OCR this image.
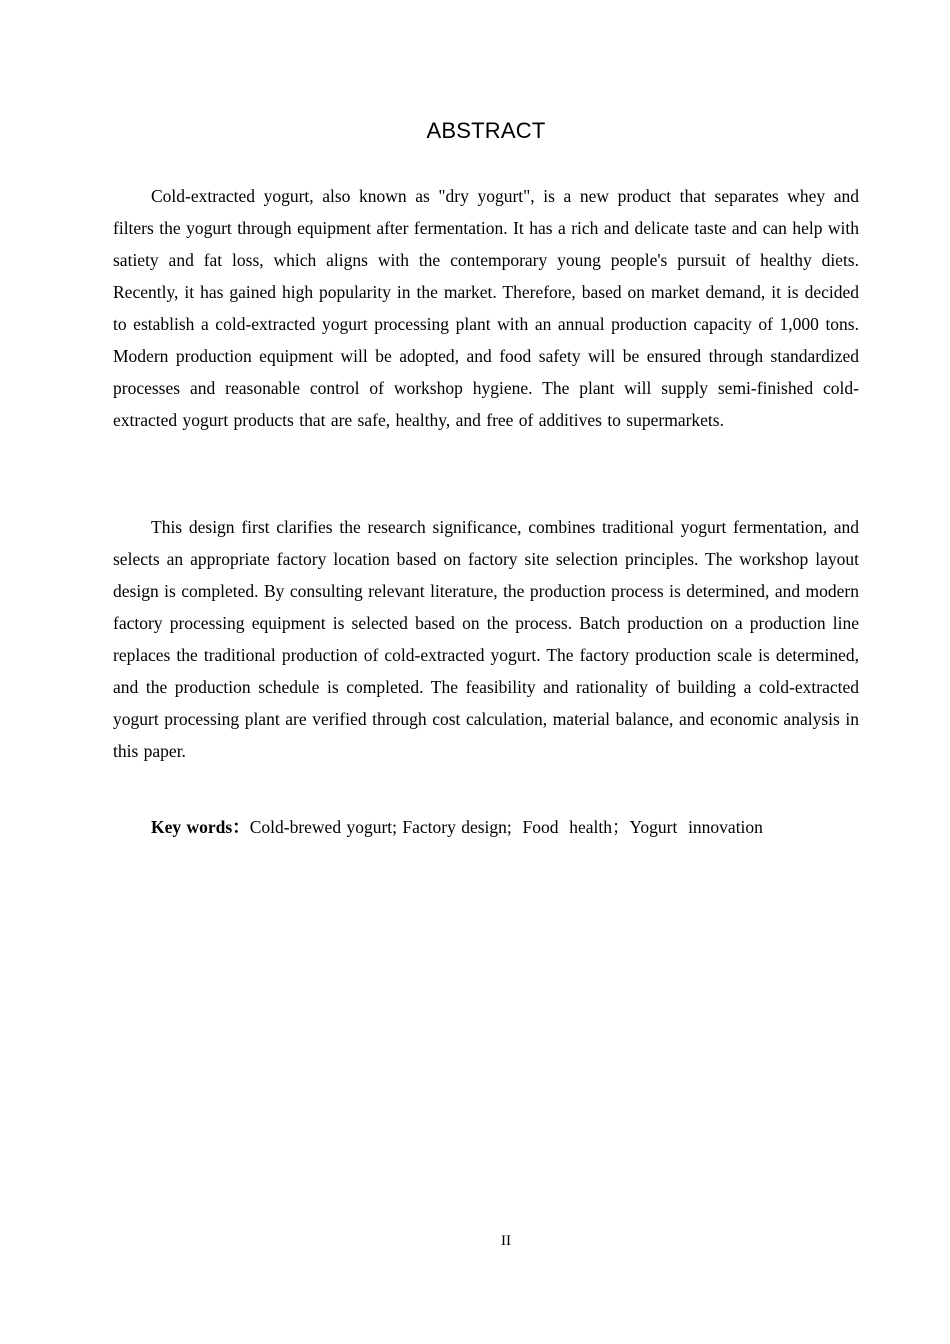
ABSTRACT

Cold-extracted yogurt, also known as "dry yogurt", is a new product that separates whey and filters the yogurt through equipment after fermentation. It has a rich and delicate taste and can help with satiety and fat loss, which aligns with the contemporary young people's pursuit of healthy diets. Recently, it has gained high popularity in the market. Therefore, based on market demand, it is decided to establish a cold-extracted yogurt processing plant with an annual production capacity of 1,000 tons. Modern production equipment will be adopted, and food safety will be ensured through standardized processes and reasonable control of workshop hygiene. The plant will supply semi-finished cold-extracted yogurt products that are safe, healthy, and free of additives to supermarkets.

This design first clarifies the research significance, combines traditional yogurt fermentation, and selects an appropriate factory location based on factory site selection principles. The workshop layout design is completed. By consulting relevant literature, the production process is determined, and modern factory processing equipment is selected based on the process. Batch production on a production line replaces the traditional production of cold-extracted yogurt. The factory production scale is determined, and the production schedule is completed. The feasibility and rationality of building a cold-extracted yogurt processing plant are verified through cost calculation, material balance, and economic analysis in this paper.

Key words：Cold-brewed yogurt; Factory design;  Food  health；Yogurt  innovation
II
